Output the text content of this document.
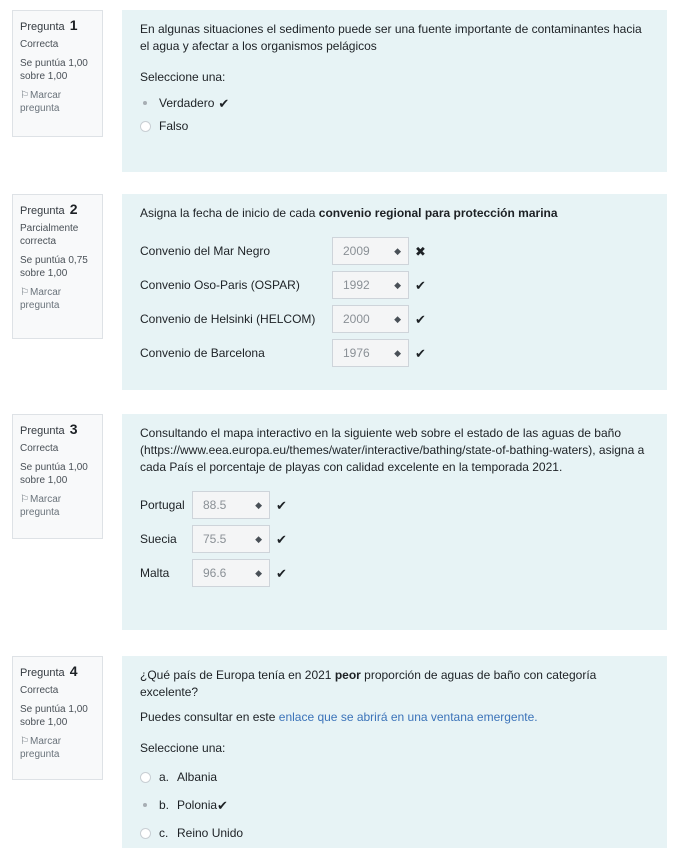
Pregunta 1
Correcta
Se puntúa 1,00 sobre 1,00
⚐Marcar pregunta
En algunas situaciones el sedimento puede ser una fuente importante de contaminantes hacia el agua y afectar a los organismos pelágicos
Seleccione una:
Verdadero ✔
Falso
Pregunta 2
Parcialmente correcta
Se puntúa 0,75 sobre 1,00
⚐Marcar pregunta
Asigna la fecha de inicio de cada convenio regional para protección marina
Convenio del Mar Negro	2009	◆ ✖
Convenio Oso-Paris (OSPAR)	1992	◆ ✔
Convenio de Helsinki (HELCOM)	2000	◆ ✔
Convenio de Barcelona	1976	◆ ✔
Pregunta 3
Correcta
Se puntúa 1,00 sobre 1,00
⚐Marcar pregunta
Consultando el mapa interactivo en la siguiente web sobre el estado de las aguas de baño (https://www.eea.europa.eu/themes/water/interactive/bathing/state-of-bathing-waters), asigna a cada País el porcentaje de playas con calidad excelente en la temporada 2021.
Portugal	88.5	◆ ✔
Suecia	75.5	◆ ✔
Malta	96.6	◆ ✔
Pregunta 4
Correcta
Se puntúa 1,00 sobre 1,00
⚐Marcar pregunta
¿Qué país de Europa tenía en 2021 peor proporción de aguas de baño con categoría excelente?
Puedes consultar en este enlace que se abrirá en una ventana emergente.
Seleccione una:
a. Albania
b. Polonia ✔
c. Reino Unido
